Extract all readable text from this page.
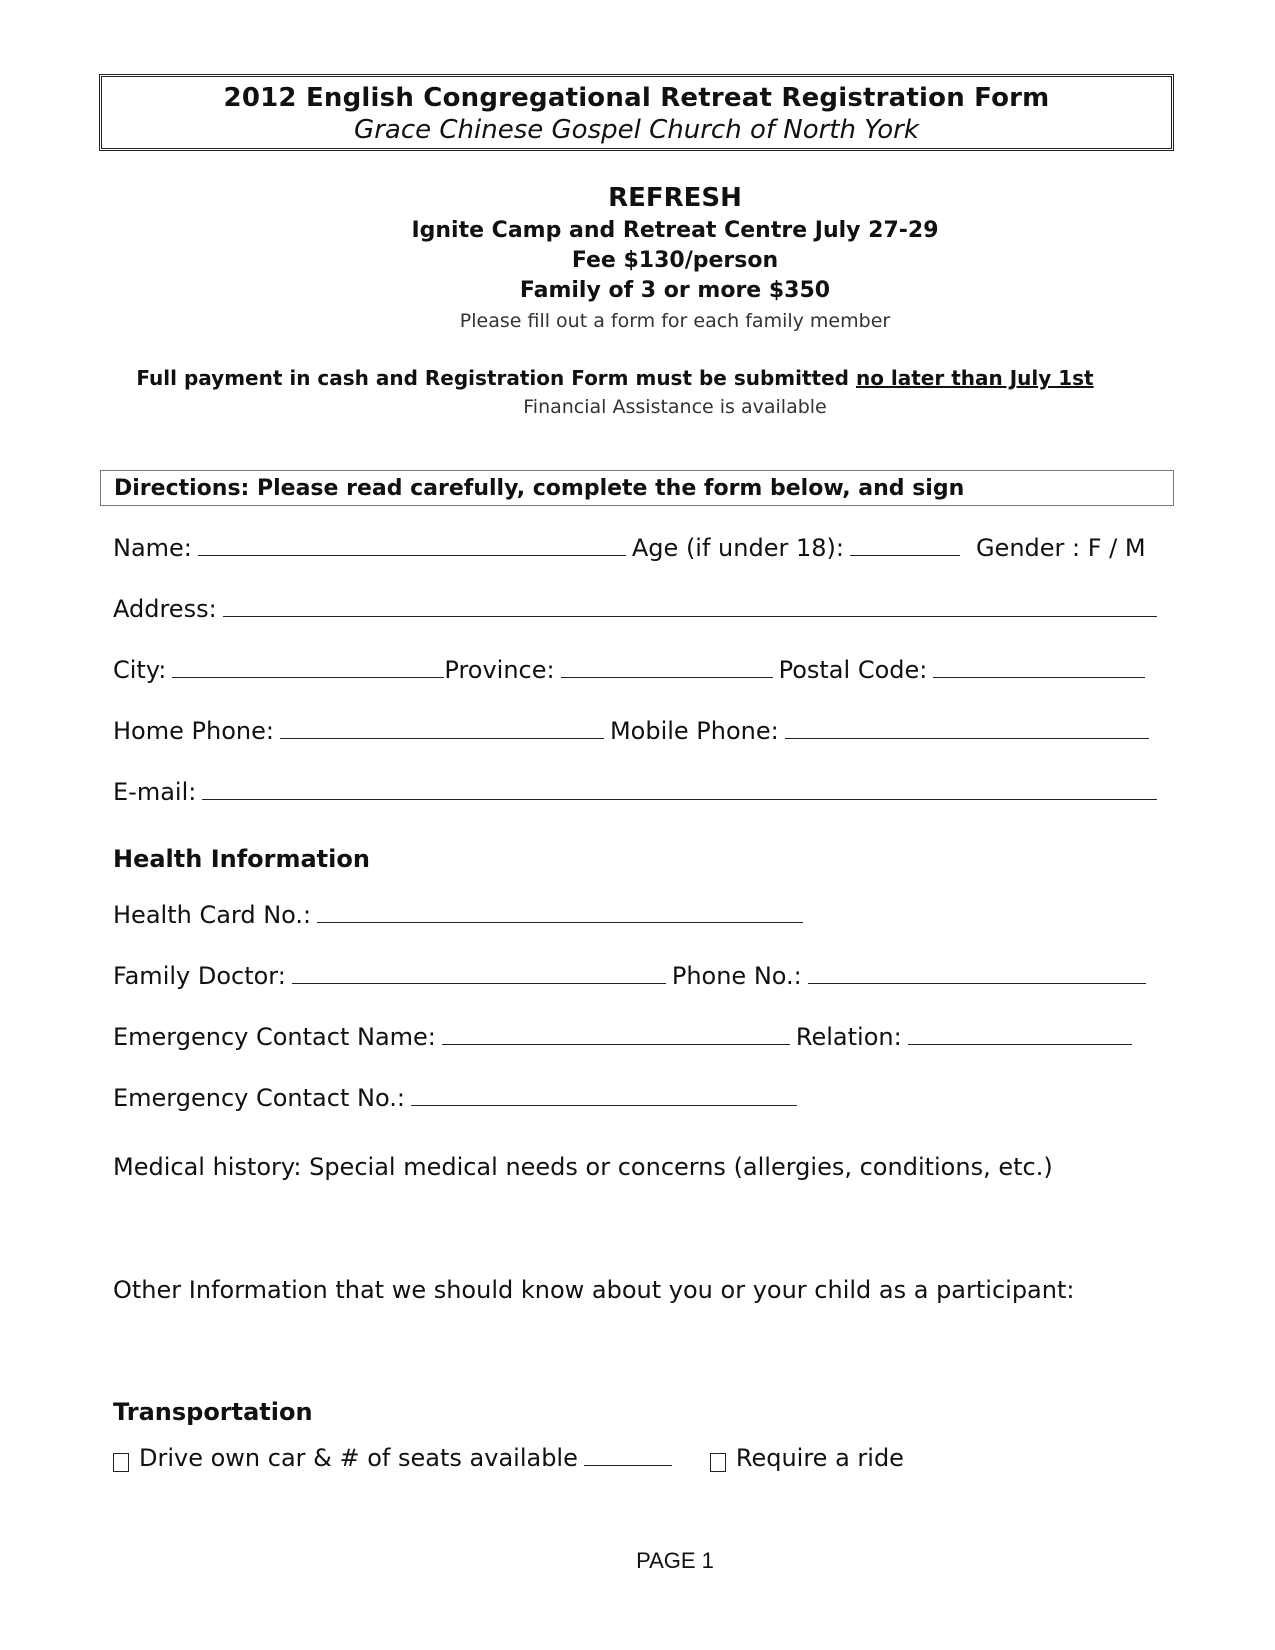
2012 English Congregational Retreat Registration Form
Grace Chinese Gospel Church of North York
REFRESH
Ignite Camp and Retreat Centre July 27-29
Fee $130/person
Family of 3 or more $350
Please fill out a form for each family member
Full payment in cash and Registration Form must be submitted no later than July 1st
Financial Assistance is available
Directions: Please read carefully, complete the form below, and sign
Name:	Age (if under 18):	Gender : F / M
Address:
City:	Province:	Postal Code:
Home Phone:	Mobile Phone:
E-mail:
Health Information
Health Card No.:
Family Doctor:	Phone No.:
Emergency Contact Name:	Relation:
Emergency Contact No.:
Medical history: Special medical needs or concerns (allergies, conditions, etc.)
Other Information that we should know about you or your child as a participant:
Transportation
Drive own car & # of seats available	Require a ride
PAGE 1
